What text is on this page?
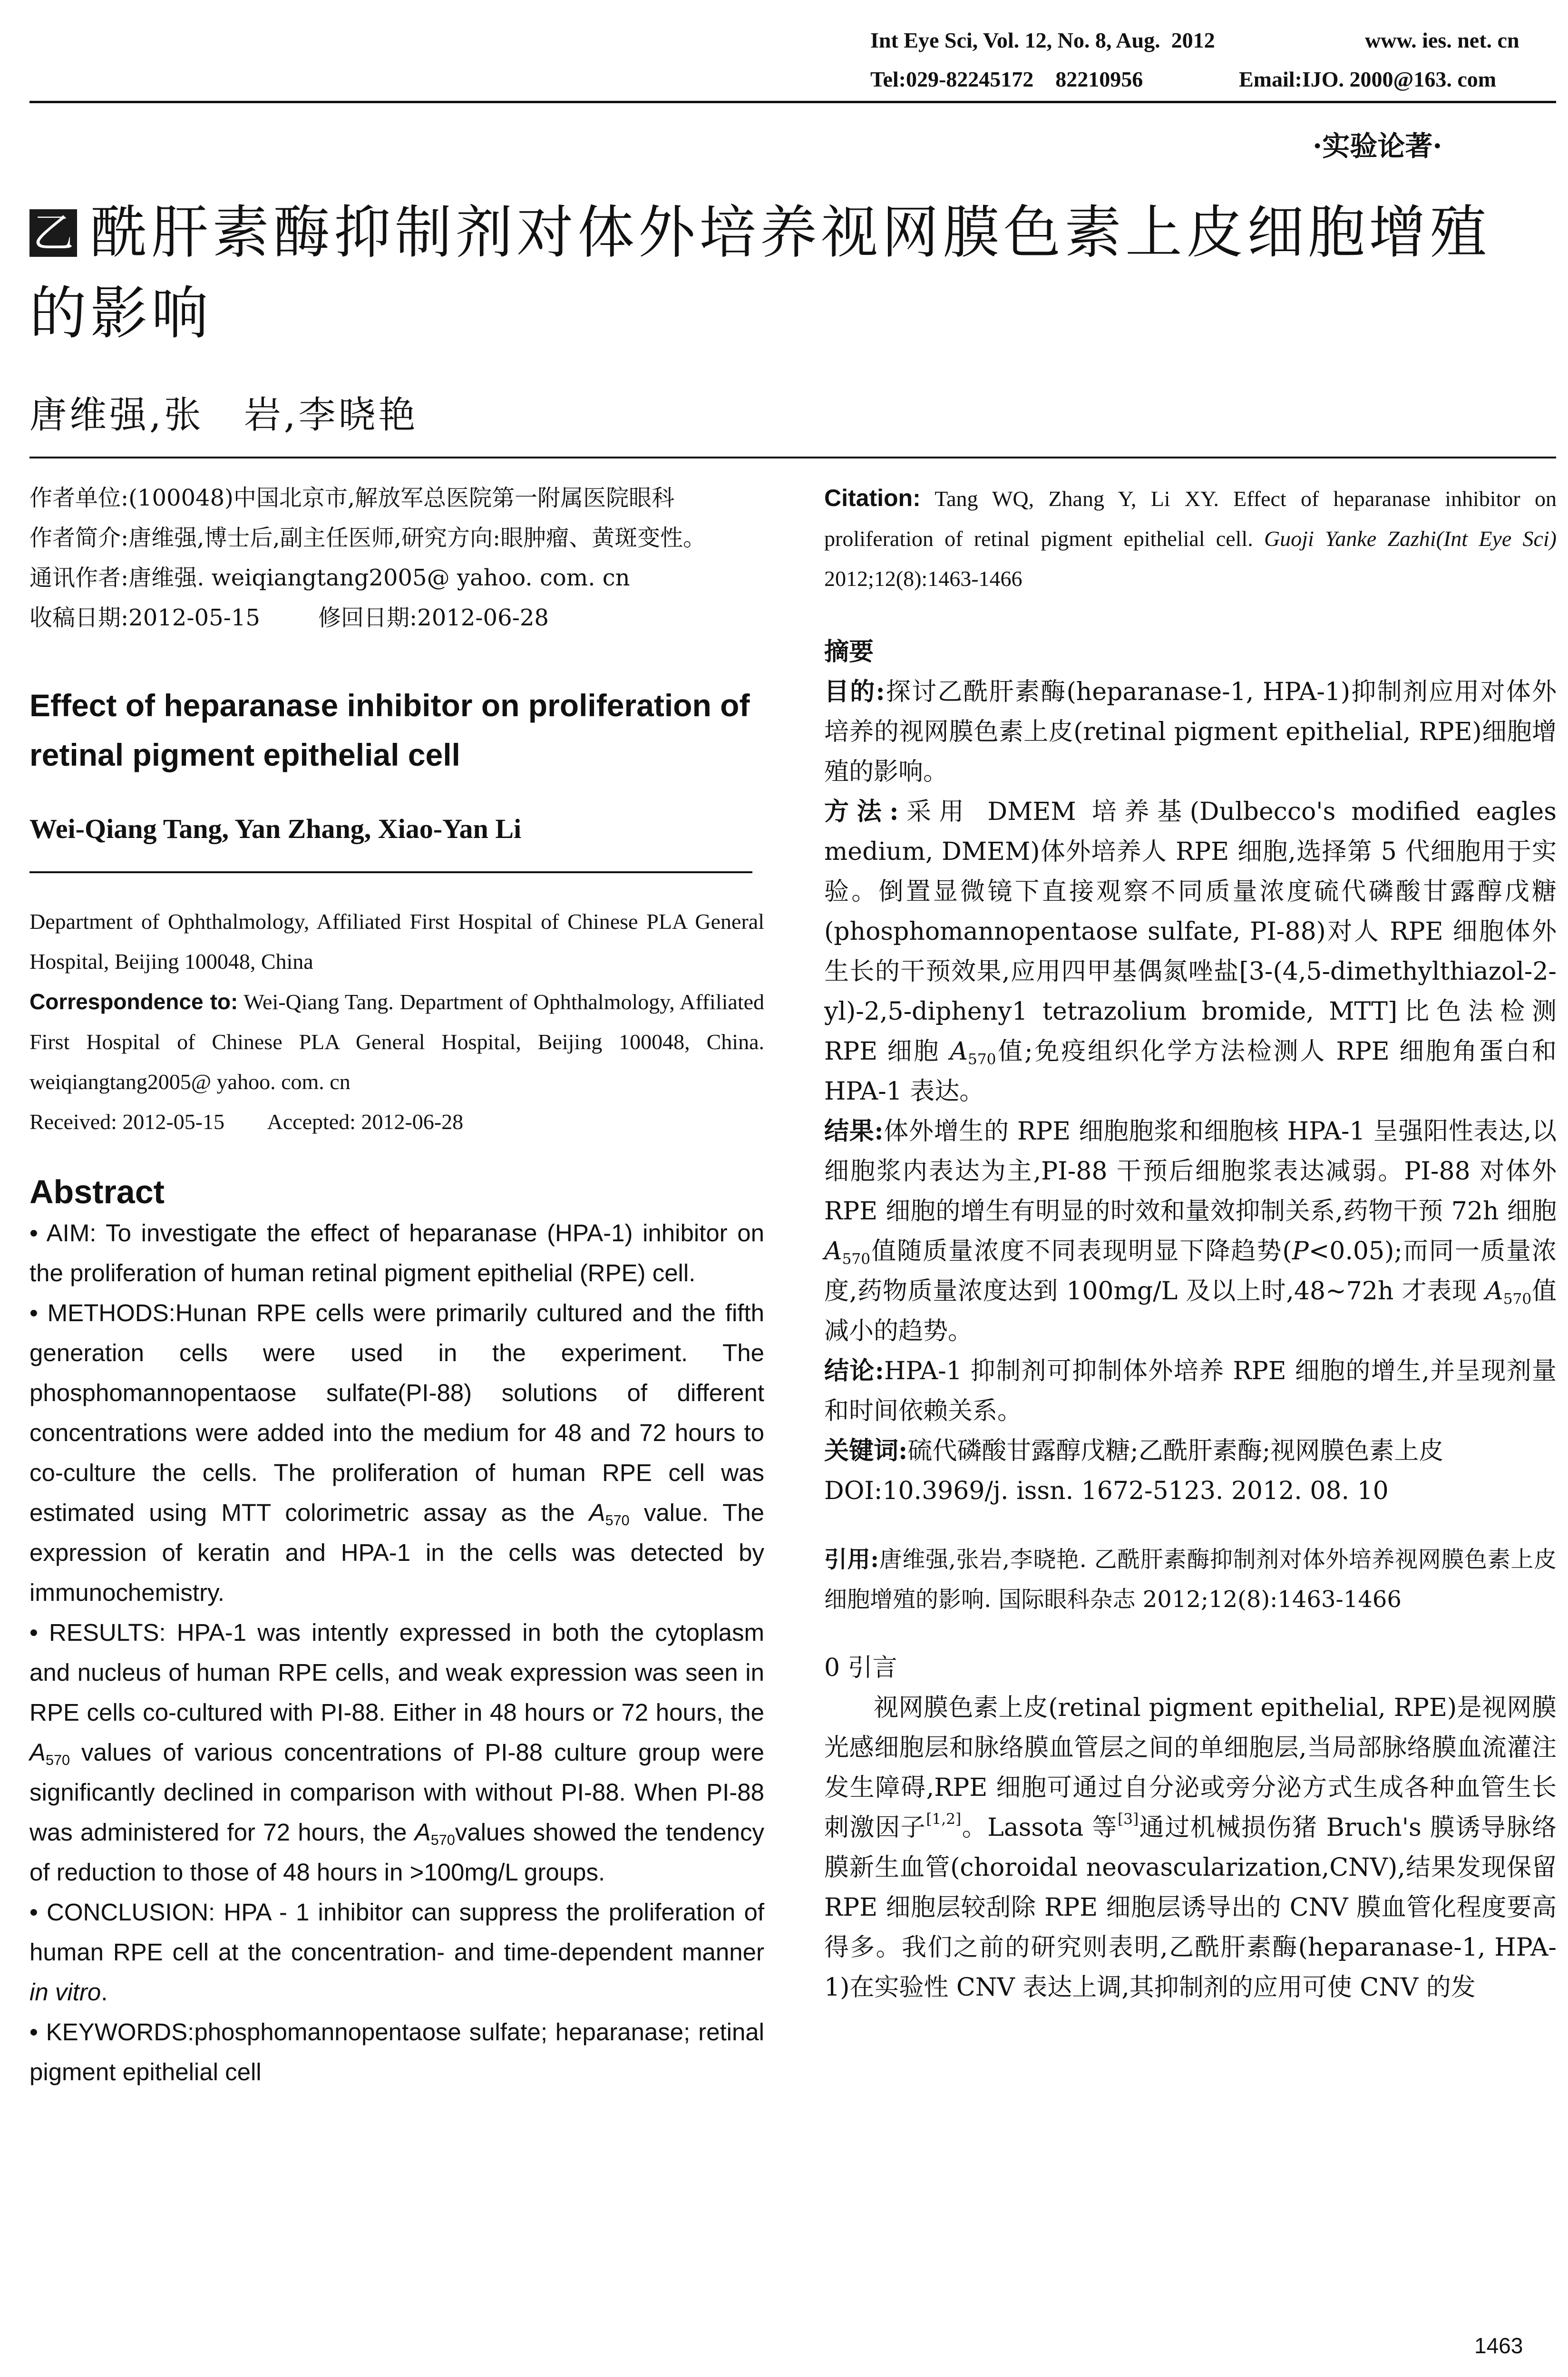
Int Eye Sci, Vol. 12, No. 8, Aug.  2012	www. ies. net. cn
Tel:029-82245172    82210956	Email:IJO. 2000@163. com
·实验论著·
乙 酰肝素酶抑制剂对体外培养视网膜色素上皮细胞增殖
的影响
唐维强,张　岩,李晓艳

作者单位:(100048)中国北京市,解放军总医院第一附属医院眼科

作者简介:唐维强,博士后,副主任医师,研究方向:眼肿瘤、黄斑变性。

通讯作者:唐维强. weiqiangtang2005@ yahoo. com. cn

收稿日期:2012-05-15        修回日期:2012-06-28

Effect of heparanase inhibitor on proliferation of retinal pigment epithelial cell

Wei-Qiang Tang, Yan Zhang, Xiao-Yan Li

Department of Ophthalmology, Affiliated First Hospital of Chinese PLA General Hospital, Beijing 100048, China

Correspondence to: Wei-Qiang Tang. Department of Ophthalmology, Affiliated First Hospital of Chinese PLA General Hospital, Beijing 100048, China. weiqiangtang2005@ yahoo. com. cn

Received: 2012-05-15        Accepted: 2012-06-28

Abstract

• AIM: To investigate the effect of heparanase (HPA-1) inhibitor on the proliferation of human retinal pigment epithelial (RPE) cell.

• METHODS:Hunan RPE cells were primarily cultured and the fifth generation cells were used in the experiment. The phosphomannopentaose sulfate(PI-88) solutions of different concentrations were added into the medium for 48 and 72 hours to co-culture the cells. The proliferation of human RPE cell was estimated using MTT colorimetric assay as the $A_{570}$ value. The expression of keratin and HPA-1 in the cells was detected by immunochemistry.

• RESULTS: HPA-1 was intently expressed in both the cytoplasm and nucleus of human RPE cells, and weak expression was seen in RPE cells co-cultured with PI-88. Either in 48 hours or 72 hours, the $A_{570}$ values of various concentrations of PI-88 culture group were significantly declined in comparison with without PI-88. When PI-88 was administered for 72 hours, the $A_{570}values$ showed the tendency of reduction to those of 48 hours in >100mg/L groups.

• CONCLUSION: HPA - 1 inhibitor can suppress the proliferation of human RPE cell at the concentration- and time-dependent manner in vitro.

• KEYWORDS:phosphomannopentaose sulfate; heparanase; retinal pigment epithelial cell

Citation: Tang WQ, Zhang Y, Li XY. Effect of heparanase inhibitor on proliferation of retinal pigment epithelial cell. Guoji Yanke Zazhi(Int Eye Sci) 2012;12(8):1463-1466

摘要

目的:探讨乙酰肝素酶(heparanase-1, HPA-1)抑制剂应用对体外培养的视网膜色素上皮(retinal pigment epithelial, RPE)细胞增殖的影响。

方法:采用 DMEM 培养基(Dulbecco's modified eagles medium, DMEM)体外培养人 RPE 细胞,选择第 5 代细胞用于实验。倒置显微镜下直接观察不同质量浓度硫代磷酸甘露醇戊糖(phosphomannopentaose sulfate, PI-88)对人 RPE 细胞体外生长的干预效果,应用四甲基偶氮唑盐[3-(4,5-dimethylthiazol-2-yl)-2,5-dipheny1 tetrazolium bromide, MTT]比色法检测 RPE 细胞 $A_{570}$值;免疫组织化学方法检测人 RPE 细胞角蛋白和 HPA-1 表达。

结果:体外增生的 RPE 细胞胞浆和细胞核 HPA-1 呈强阳性表达,以细胞浆内表达为主,PI-88 干预后细胞浆表达减弱。PI-88 对体外 RPE 细胞的增生有明显的时效和量效抑制关系,药物干预 72h 细胞 $A_{570}$值随质量浓度不同表现明显下降趋势(P<0.05);而同一质量浓度,药物质量浓度达到 100mg/L 及以上时,48~72h 才表现 $A_{570}$值减小的趋势。

结论:HPA-1 抑制剂可抑制体外培养 RPE 细胞的增生,并呈现剂量和时间依赖关系。

关键词:硫代磷酸甘露醇戊糖;乙酰肝素酶;视网膜色素上皮

DOI:10.3969/j. issn. 1672-5123. 2012. 08. 10

引用:唐维强,张岩,李晓艳. 乙酰肝素酶抑制剂对体外培养视网膜色素上皮细胞增殖的影响. 国际眼科杂志 2012;12(8):1463-1466

0 引言

视网膜色素上皮(retinal pigment epithelial, RPE)是视网膜光感细胞层和脉络膜血管层之间的单细胞层,当局部脉络膜血流灌注发生障碍,RPE 细胞可通过自分泌或旁分泌方式生成各种血管生长刺激因子[1,2]。Lassota 等[3]通过机械损伤猪 Bruch's 膜诱导脉络膜新生血管(choroidal neovascularization,CNV),结果发现保留 RPE 细胞层较刮除 RPE 细胞层诱导出的 CNV 膜血管化程度要高得多。我们之前的研究则表明,乙酰肝素酶(heparanase-1, HPA-1)在实验性 CNV 表达上调,其抑制剂的应用可使 CNV 的发

1463
